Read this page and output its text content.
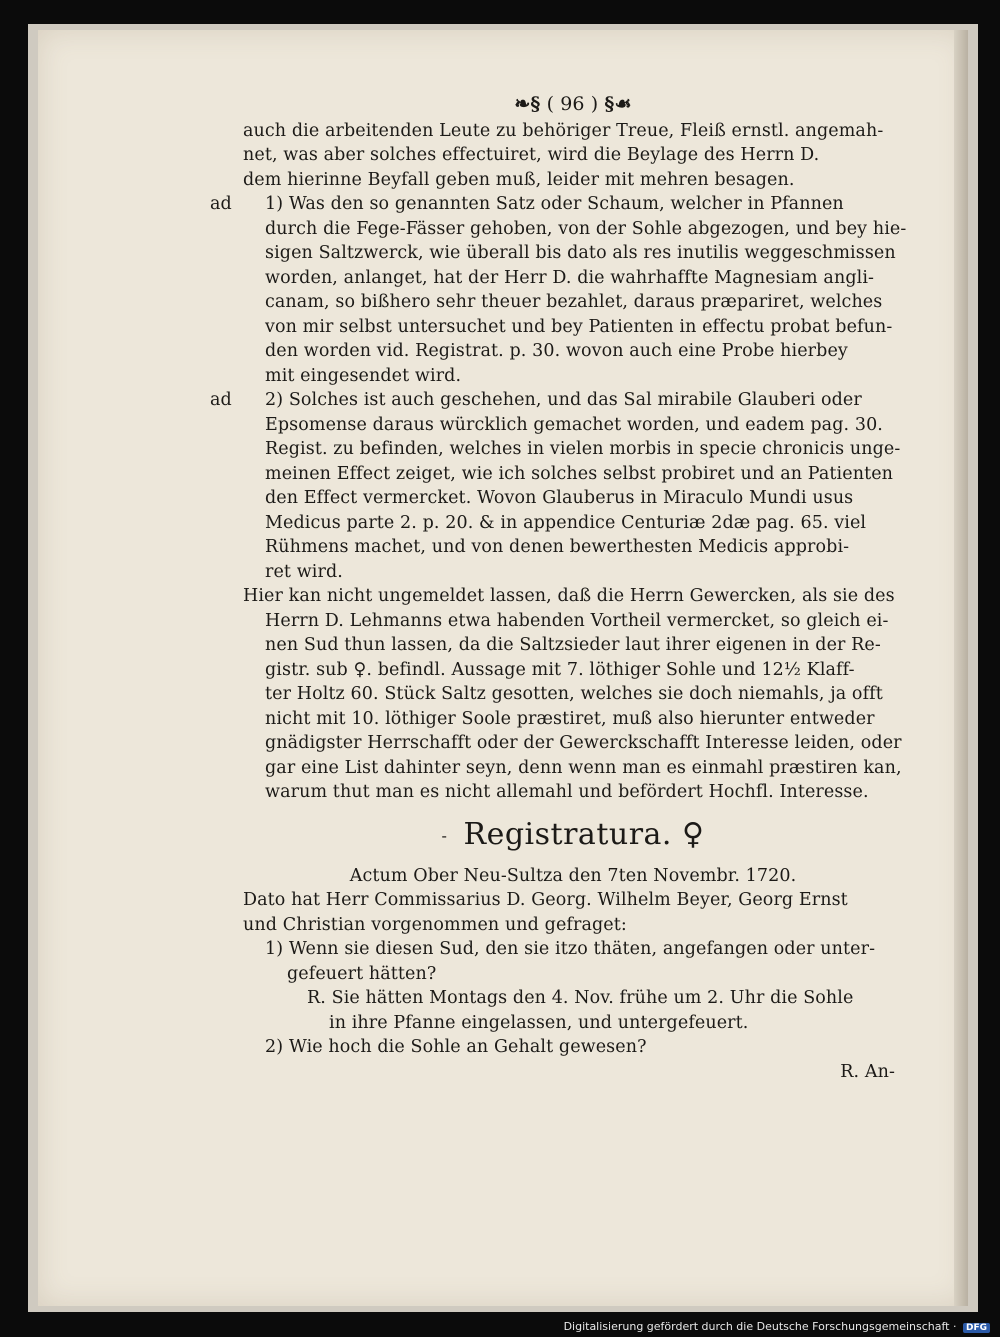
❧§ ( 96 ) §☙
auch die arbeitenden Leute zu behöriger Treue, Fleiß ernstl. angemah-
net, was aber solches effectuiret, wird die Beylage des Herrn D.
dem hierinne Beyfall geben muß, leider mit mehren besagen.
ad 1) Was den so genannten Satz oder Schaum, welcher in Pfannen
durch die Fege-Fässer gehoben, von der Sohle abgezogen, und bey hie-
sigen Saltzwerck, wie überall bis dato als res inutilis weggeschmissen
worden, anlanget, hat der Herr D. die wahrhaffte Magnesiam angli-
canam, so bißhero sehr theuer bezahlet, daraus præpariret, welches
von mir selbst untersuchet und bey Patienten in effectu probat befun-
den worden vid. Registrat. p. 30. wovon auch eine Probe hierbey
mit eingesendet wird.
ad 2) Solches ist auch geschehen, und das Sal mirabile Glauberi oder
Epsomense daraus würcklich gemachet worden, und eadem pag. 30.
Regist. zu befinden, welches in vielen morbis in specie chronicis unge-
meinen Effect zeiget, wie ich solches selbst probiret und an Patienten
den Effect vermercket. Wovon Glauberus in Miraculo Mundi usus
Medicus parte 2. p. 20. & in appendice Centuriæ 2dæ pag. 65. viel
Rühmens machet, und von denen bewerthesten Medicis approbi-
ret wird.
Hier kan nicht ungemeldet lassen, daß die Herrn Gewercken, als sie des
Herrn D. Lehmanns etwa habenden Vortheil vermercket, so gleich ei-
nen Sud thun lassen, da die Saltzsieder laut ihrer eigenen in der Re-
gistr. sub ♀. befindl. Aussage mit 7. löthiger Sohle und 12½ Klaff-
ter Holtz 60. Stück Saltz gesotten, welches sie doch niemahls, ja offt
nicht mit 10. löthiger Soole præstiret, muß also hierunter entweder
gnädigster Herrschafft oder der Gewerckschafft Interesse leiden, oder
gar eine List dahinter seyn, denn wenn man es einmahl præstiren kan,
warum thut man es nicht allemahl und befördert Hochfl. Interesse.
- Registratura. ♀
Actum Ober Neu-Sultza den 7ten Novembr. 1720.
Dato hat Herr Commissarius D. Georg. Wilhelm Beyer, Georg Ernst
und Christian vorgenommen und gefraget:
1) Wenn sie diesen Sud, den sie itzo thäten, angefangen oder unter-
gefeuert hätten?
R. Sie hätten Montags den 4. Nov. frühe um 2. Uhr die Sohle
in ihre Pfanne eingelassen, und untergefeuert.
2) Wie hoch die Sohle an Gehalt gewesen?
R. An-
Digitalisierung gefördert durch die Deutsche Forschungsgemeinschaft · DFG
